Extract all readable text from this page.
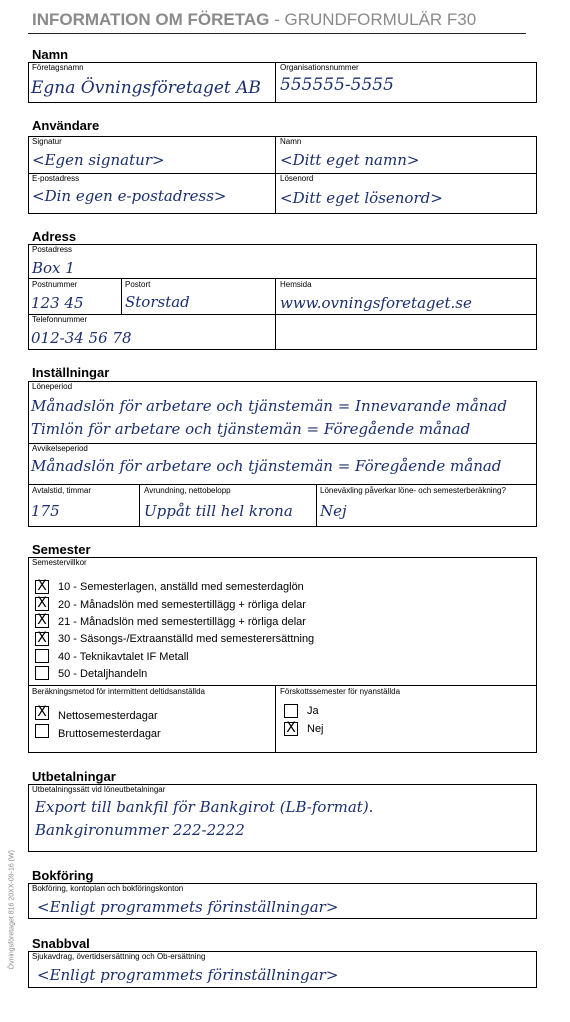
INFORMATION OM FÖRETAG - GRUNDFORMULÄR F30
Övningsföretaget 816 20XX-09-16 (W)
Namn
Företagsnamn
Egna Övningsföretaget AB
Organisationsnummer
555555-5555
Användare
Signatur
<Egen signatur>
Namn
<Ditt eget namn>
E-postadress
<Din egen e-postadress>
Lösenord
<Ditt eget lösenord>
Adress
Postadress
Box 1
Postnummer
123 45
Postort
Storstad
Hemsida
www.ovningsforetaget.se
Telefonnummer
012-34 56 78
Inställningar
Löneperiod
Månadslön för arbetare och tjänstemän = Innevarande månad
Timlön för arbetare och tjänstemän = Föregående månad
Avvikelseperiod
Månadslön för arbetare och tjänstemän = Föregående månad
Avtalstid, timmar
175
Avrundning, nettobelopp
Uppåt till hel krona
Löneväxling påverkar löne- och semesterberäkning?
Nej
Semester
Semestervillkor
X 10 - Semesterlagen, anställd med semesterdaglön
X 20 - Månadslön med semestertillägg + rörliga delar
X 21 - Månadslön med semestertillägg + rörliga delar
X 30 - Säsongs-/Extraanställd med semesterersättning
40 - Teknikavtalet IF Metall
50 - Detaljhandeln
Beräkningsmetod för intermittent deltidsanställda
X Nettosemesterdagar
Bruttosemesterdagar
Förskottssemester för nyanställda
Ja
X Nej
Utbetalningar
Utbetalningssätt vid löneutbetalningar
Export till bankfil för Bankgirot (LB-format).
Bankgironummer 222-2222
Bokföring
Bokföring, kontoplan och bokföringskonton
<Enligt programmets förinställningar>
Snabbval
Sjukavdrag, övertidsersättning och Ob-ersättning
<Enligt programmets förinställningar>
